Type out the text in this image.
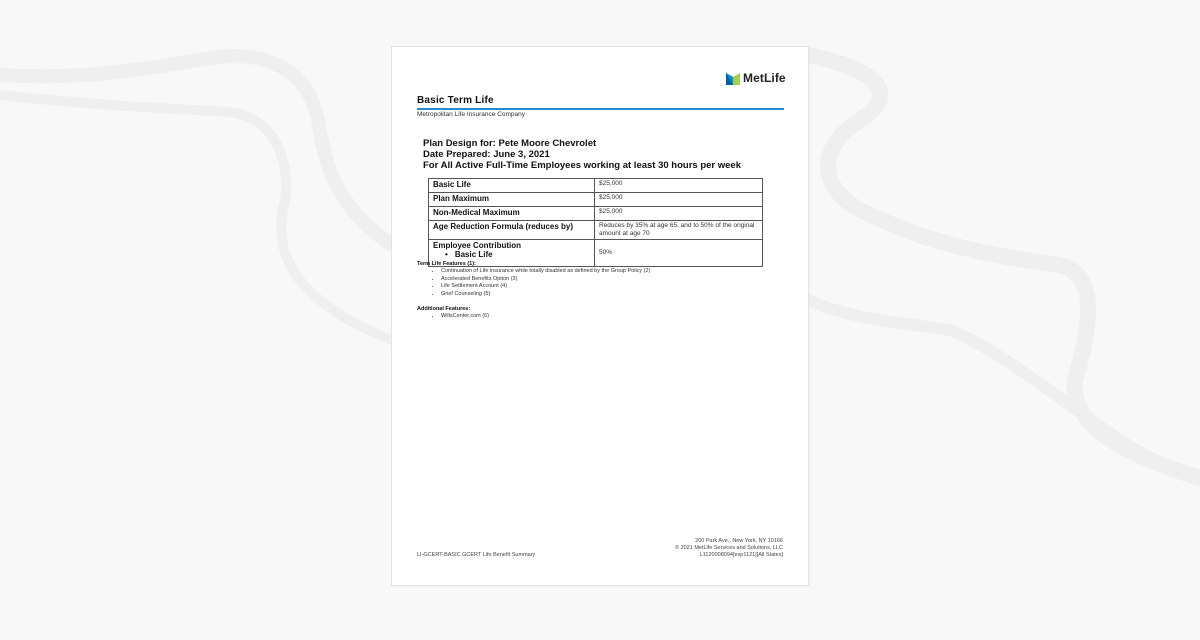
MetLife
Basic Term Life
Metropolitan Life Insurance Company
Plan Design for: Pete Moore Chevrolet
Date Prepared: June 3, 2021
For All Active Full-Time Employees working at least 30 hours per week
Basic Life	$25,000
Plan Maximum	$25,000
Non-Medical Maximum	$25,000
Age Reduction Formula (reduces by)	Reduces by 35% at age 65, and to 50% of the original amount at age 70
Employee Contribution
• Basic Life	50%
Term Life Features (1):
• Continuation of Life insurance while totally disabled as defined by the Group Policy (2)
• Accelerated Benefits Option (3)
• Life Settlement Account (4)
• Grief Counseling (5)
Additional Features:
• WillsCenter.com (6)
LI-GCERT-BASIC GCERT Life Benefit Summary
200 Park Ave., New York, NY 10166
© 2021 MetLife Services and Solutions, LLC
L1120008094[exp1121][All States]
